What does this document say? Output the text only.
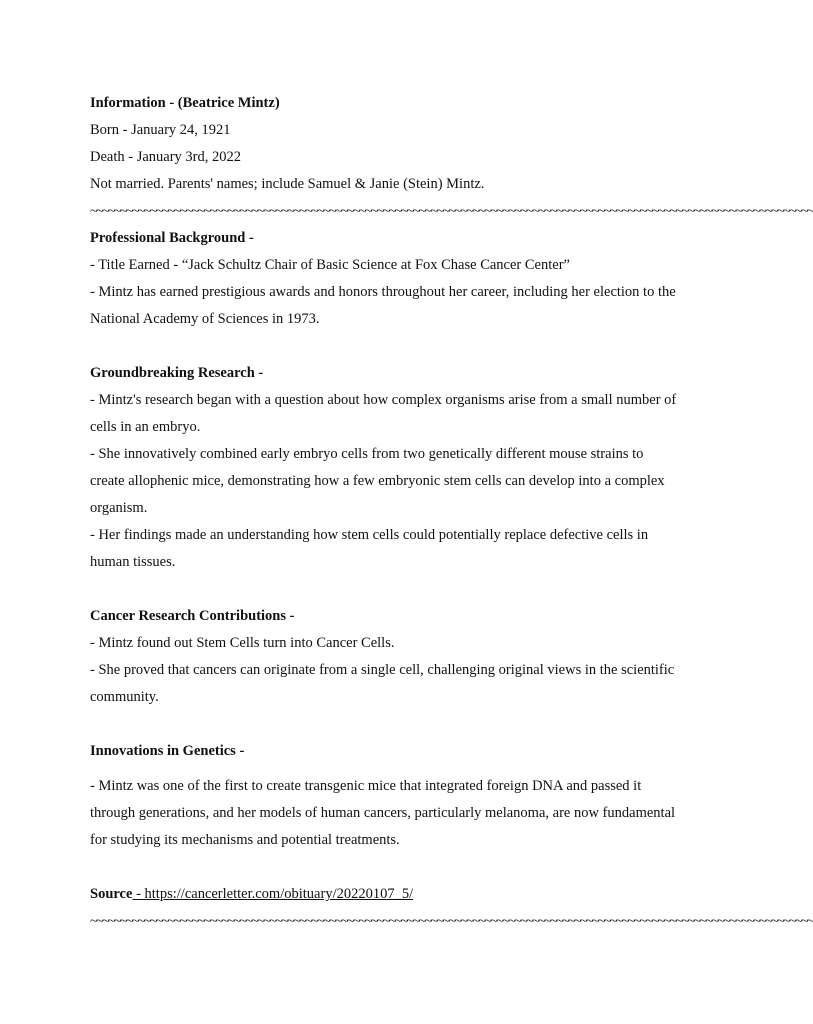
Information - (Beatrice Mintz)
Born - January 24, 1921
Death - January 3rd, 2022
Not married. Parents' names; include Samuel & Janie (Stein) Mintz.
~~~~~~~~~~~~~~~~~~~~~~~~~~~~~~~~~~~~~~~~~~~~~~~~~~~~~~~~~~~~~~~~~~~~~~~~~~~~~~~~~~~~~~~~~~~~~~~~~~~~~~~~~~~~~~~~~~~~~~~~~
Professional Background -
- Title Earned - “Jack Schultz Chair of Basic Science at Fox Chase Cancer Center”
- Mintz has earned prestigious awards and honors throughout her career, including her election to the National Academy of Sciences in 1973.
Groundbreaking Research -
- Mintz's research began with a question about how complex organisms arise from a small number of cells in an embryo.
- She innovatively combined early embryo cells from two genetically different mouse strains to create allophenic mice, demonstrating how a few embryonic stem cells can develop into a complex organism.
- Her findings made an understanding how stem cells could potentially replace defective cells in human tissues.
Cancer Research Contributions -
- Mintz found out Stem Cells turn into Cancer Cells.
- She proved that cancers can originate from a single cell, challenging original views in the scientific community.
Innovations in Genetics -
- Mintz was one of the first to create transgenic mice that integrated foreign DNA and passed it through generations, and her models of human cancers, particularly melanoma, are now fundamental for studying its mechanisms and potential treatments.
Source - https://cancerletter.com/obituary/20220107_5/
~~~~~~~~~~~~~~~~~~~~~~~~~~~~~~~~~~~~~~~~~~~~~~~~~~~~~~~~~~~~~~~~~~~~~~~~~~~~~~~~~~~~~~~~~~~~~~~~~~~~~~~~~~~~~~~~~~~~~~~~~
